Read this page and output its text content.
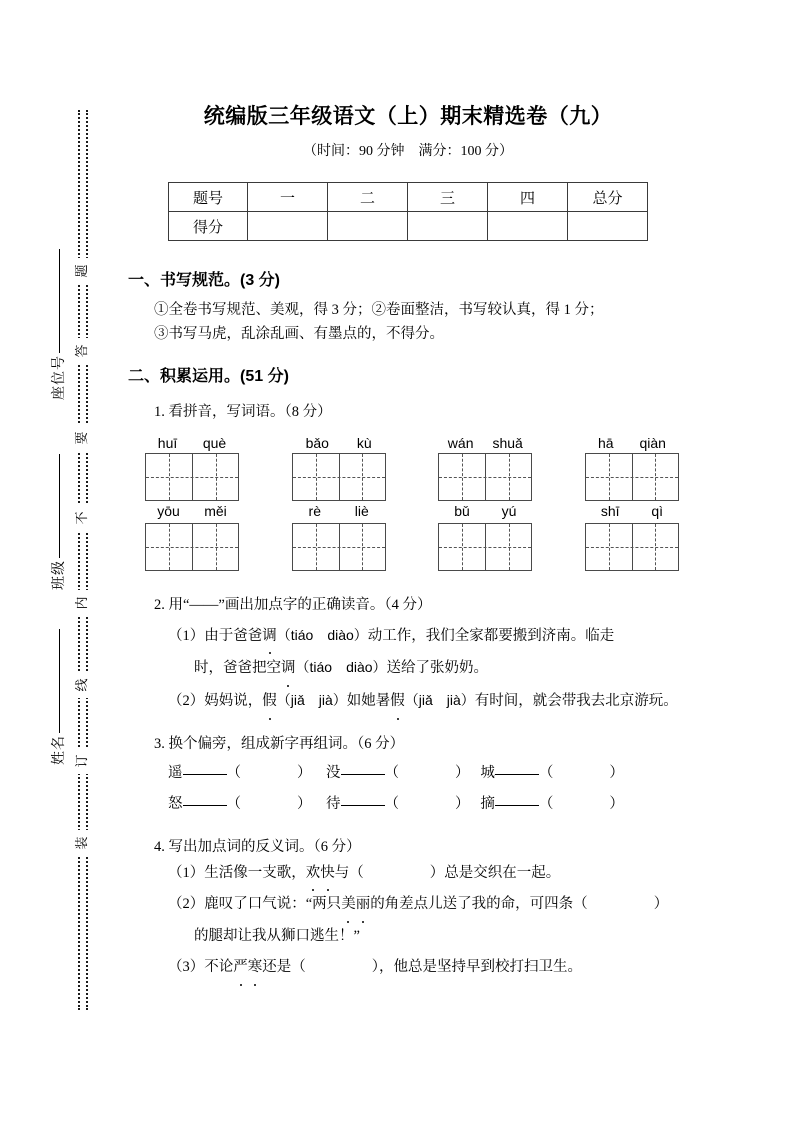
题
答
要
不
内
线
订
装
座位号
班级
姓名
统编版三年级语文（上）期末精选卷（九）

（时间：90 分钟　满分：100 分）

题号	一	二	三	四	总分
得分					
一、书写规范。(3 分)
①全卷书写规范、美观，得 3 分；②卷面整洁，书写较认真，得 1 分；
③书写马虎，乱涂乱画、有墨点的，不得分。
二、积累运用。(51 分)
1. 看拼音，写词语。（8 分）
huī què
yōu měi
bǎo kù
rè liè
wán shuǎ
bǔ yú
hā qiàn
shī qì
2. 用“——”画出加点字的正确读音。（4 分）
（1）由于爸爸调（tiáo　diào）动工作，我们全家都要搬到济南。临走
时，爸爸把空调（tiáo　diào）送给了张奶奶。
（2）妈妈说，假（jiǎ　jià）如她暑假（jiǎ　jià）有时间，就会带我去北京游玩。
3. 换个偏旁，组成新字再组词。（6 分）
遥	（	）    没	（	）   城	（	）
怒	（	）    待	（	）   摘	（	）
4. 写出加点词的反义词。（6 分）
（1）生活像一支歌，欢快与（	）总是交织在一起。
（2）鹿叹了口气说：“两只美丽的角差点儿送了我的命，可四条（	）
的腿却让我从狮口逃生！”
（3）不论严寒还是（	），他总是坚持早到校打扫卫生。
